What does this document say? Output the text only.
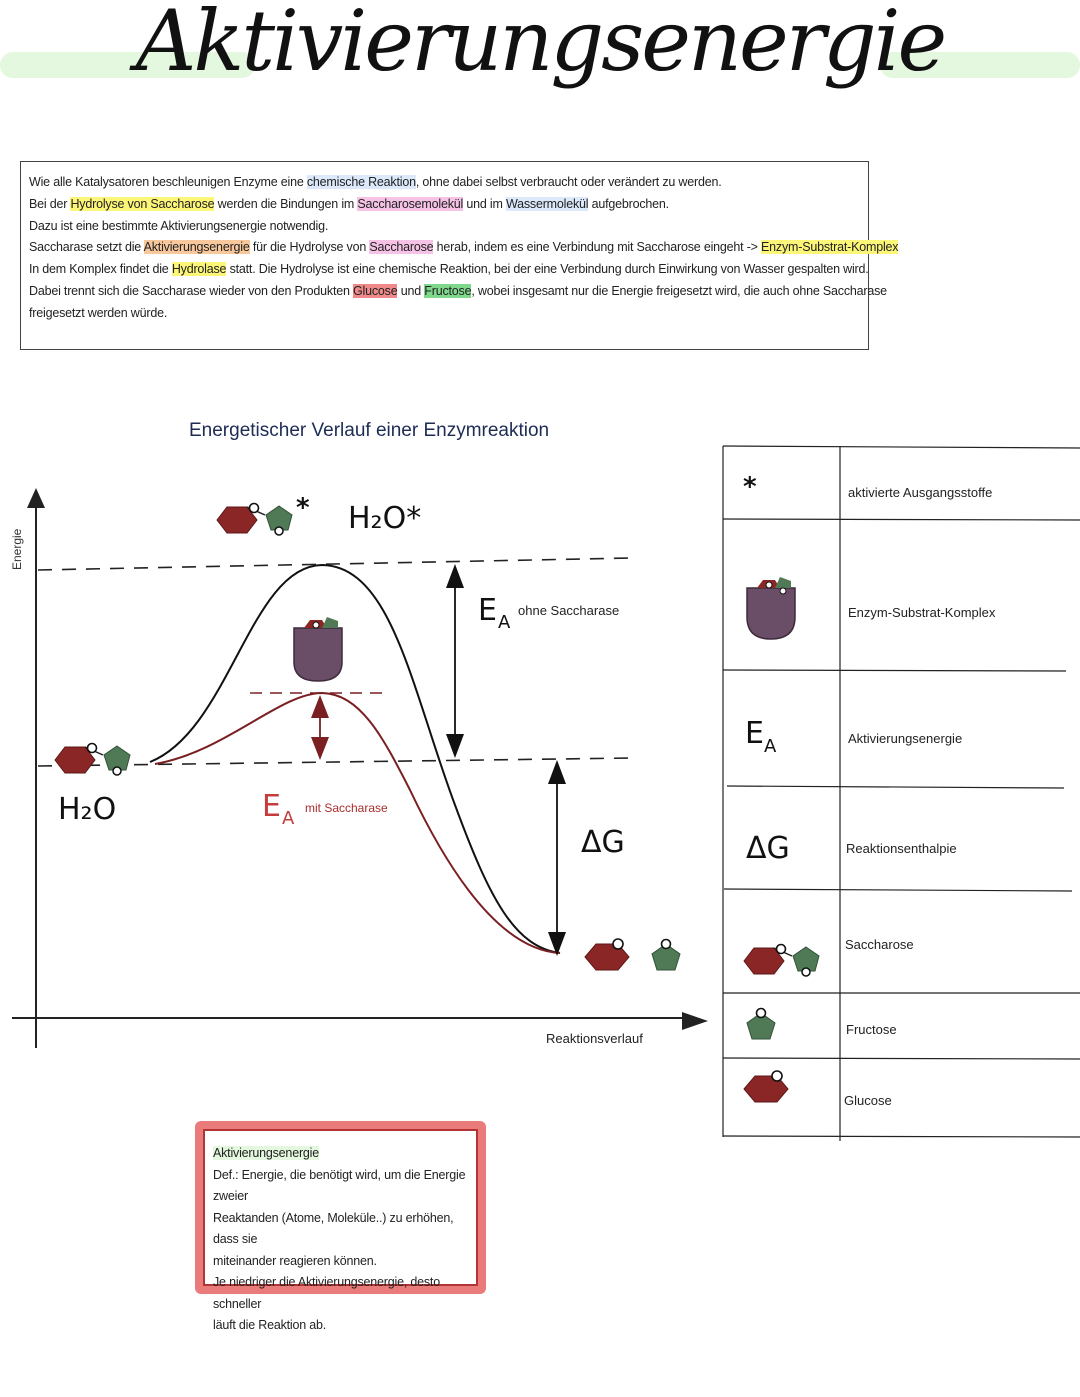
Aktivierungsenergie
Wie alle Katalysatoren beschleunigen Enzyme eine chemische Reaktion, ohne dabei selbst verbraucht oder verändert zu werden.
Bei der Hydrolyse von Saccharose werden die Bindungen im Saccharosemolekül und im Wassermolekül aufgebrochen.
Dazu ist eine bestimmte Aktivierungsenergie notwendig.
Saccharase setzt die Aktivierungsenergie für die Hydrolyse von Saccharose herab, indem es eine Verbindung mit Saccharose eingeht -> Enzym-Substrat-Komplex
In dem Komplex findet die Hydrolase statt. Die Hydrolyse ist eine chemische Reaktion, bei der eine Verbindung durch Einwirkung von Wasser gespalten wird.
Dabei trennt sich die Saccharase wieder von den Produkten Glucose und Fructose, wobei insgesamt nur die Energie freigesetzt wird, die auch ohne Saccharase
freigesetzt werden würde.
Energetischer Verlauf einer Enzymreaktion
Energie
Reaktionsverlauf
* H₂O*
H₂O
E A
ohne Saccharase
E A mit Saccharase
ΔG
*	aktivierte Ausgangsstoffe
Enzym-Substrat-Komplex
E A	Aktivierungsenergie
ΔG	Reaktionsenthalpie
Saccharose
Fructose
Glucose
Aktivierungsenergie
Def.: Energie, die benötigt wird, um die Energie zweier
Reaktanden (Atome, Moleküle..) zu erhöhen, dass sie
miteinander reagieren können.
Je niedriger die Aktivierungsenergie, desto schneller
läuft die Reaktion ab.
